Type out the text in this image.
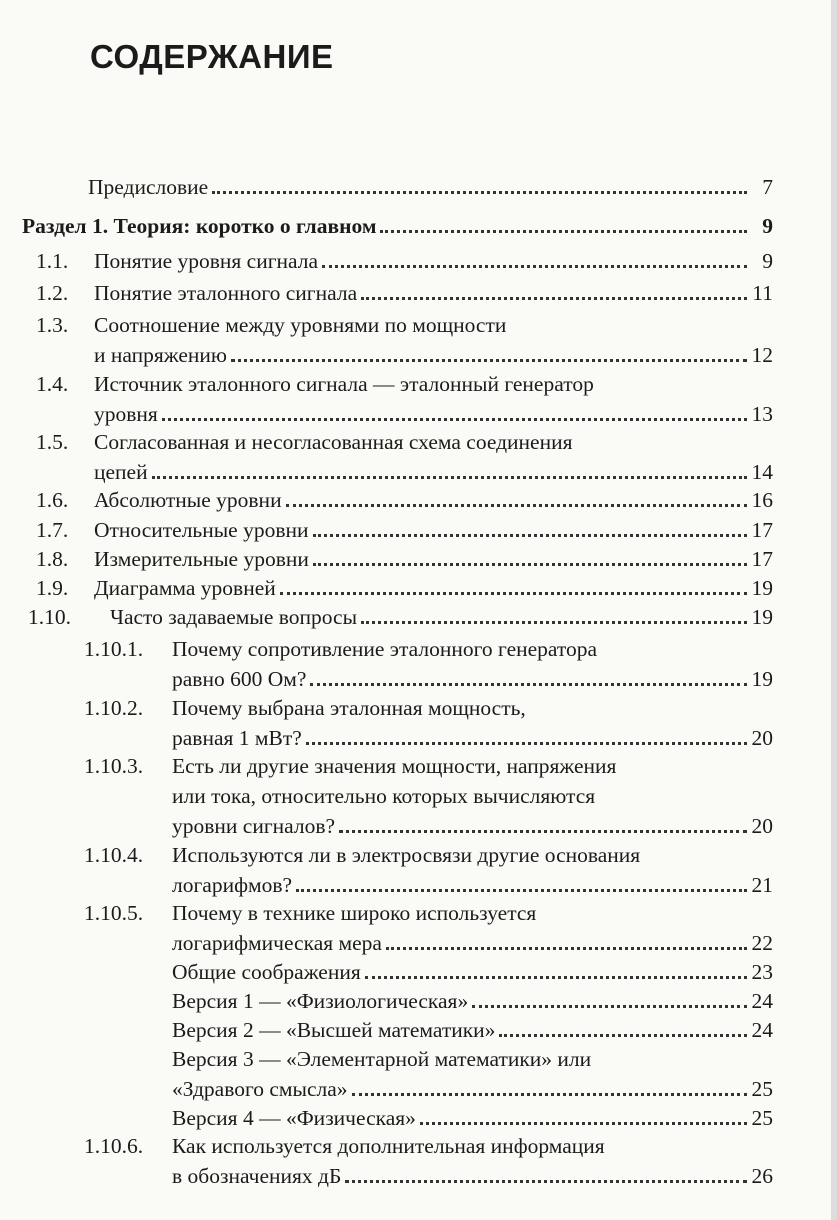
СОДЕРЖАНИЕ
Предисловие	7
Раздел 1. Теория: коротко о главном	9
1.1.	Понятие уровня сигнала	9
1.2.	Понятие эталонного сигнала	11
1.3.	Соотношение между уровнями по мощности
и напряжению	12
1.4.	Источник эталонного сигнала — эталонный генератор
уровня	13
1.5.	Согласованная и несогласованная схема соединения
цепей	14
1.6.	Абсолютные уровни	16
1.7.	Относительные уровни	17
1.8.	Измерительные уровни	17
1.9.	Диаграмма уровней	19
1.10.	Часто задаваемые вопросы	19
1.10.1.	Почему сопротивление эталонного генератора
равно 600 Ом?	19
1.10.2.	Почему выбрана эталонная мощность,
равная 1 мВт?	20
1.10.3.	Есть ли другие значения мощности, напряжения
или тока, относительно которых вычисляются
уровни сигналов?	20
1.10.4.	Используются ли в электросвязи другие основания
логарифмов?	21
1.10.5.	Почему в технике широко используется
логарифмическая мера	22
Общие соображения	23
Версия 1 — «Физиологическая»	24
Версия 2 — «Высшей математики»	24
Версия 3 — «Элементарной математики» или
«Здравого смысла»	25
Версия 4 — «Физическая»	25
1.10.6.	Как используется дополнительная информация
в обозначениях дБ	26
